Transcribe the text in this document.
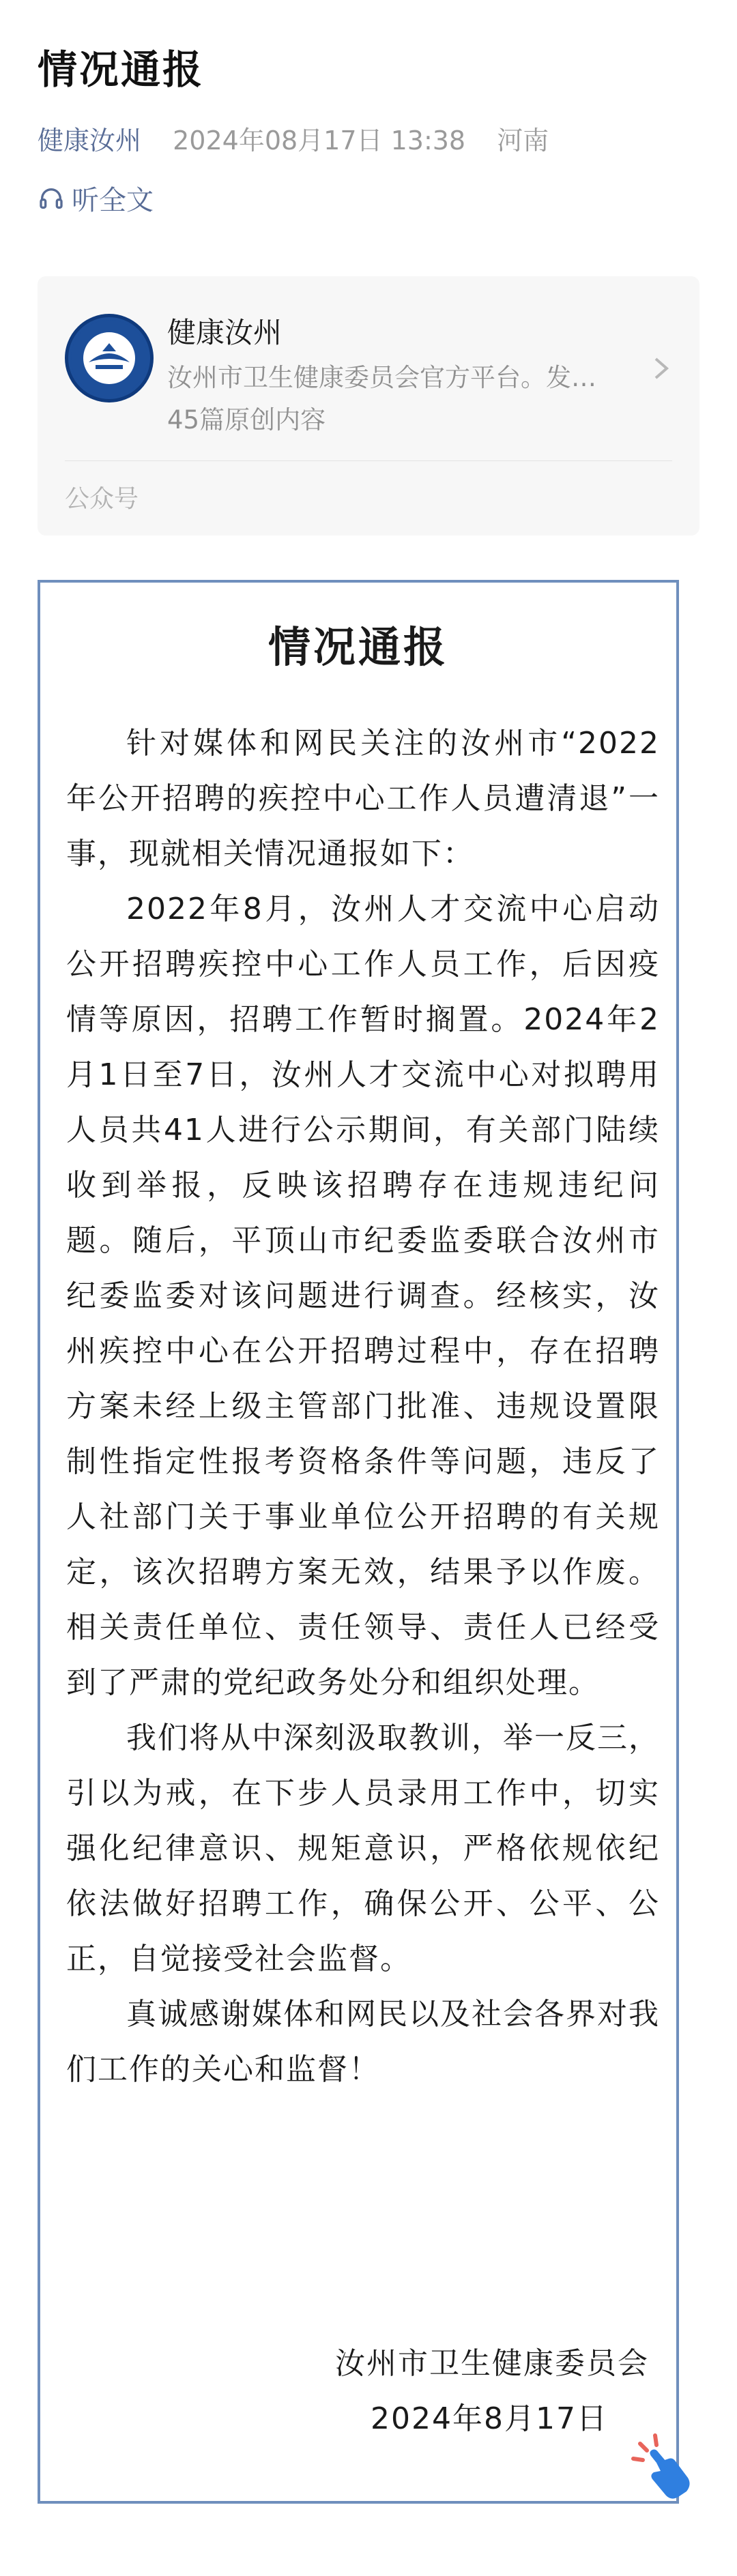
情况通报
健康汝州 2024年08月17日 13:38 河南
听全文
健康汝州
汝州市卫生健康委员会官方平台。发…
45篇原创内容
公众号
情况通报

针对媒体和网民关注的汝州市“2022年公开招聘的疾控中心工作人员遭清退”一事，现就相关情况通报如下：

2022年8月，汝州人才交流中心启动公开招聘疾控中心工作人员工作，后因疫情等原因，招聘工作暂时搁置。2024年2月1日至7日，汝州人才交流中心对拟聘用人员共41人进行公示期间，有关部门陆续收到举报，反映该招聘存在违规违纪问题。随后，平顶山市纪委监委联合汝州市纪委监委对该问题进行调查。经核实，汝州疾控中心在公开招聘过程中，存在招聘方案未经上级主管部门批准、违规设置限制性指定性报考资格条件等问题，违反了人社部门关于事业单位公开招聘的有关规定，该次招聘方案无效，结果予以作废。相关责任单位、责任领导、责任人已经受到了严肃的党纪政务处分和组织处理。

我们将从中深刻汲取教训，举一反三，引以为戒，在下步人员录用工作中，切实强化纪律意识、规矩意识，严格依规依纪依法做好招聘工作，确保公开、公平、公正，自觉接受社会监督。

真诚感谢媒体和网民以及社会各界对我们工作的关心和监督！

汝州市卫生健康委员会
2024年8月17日
